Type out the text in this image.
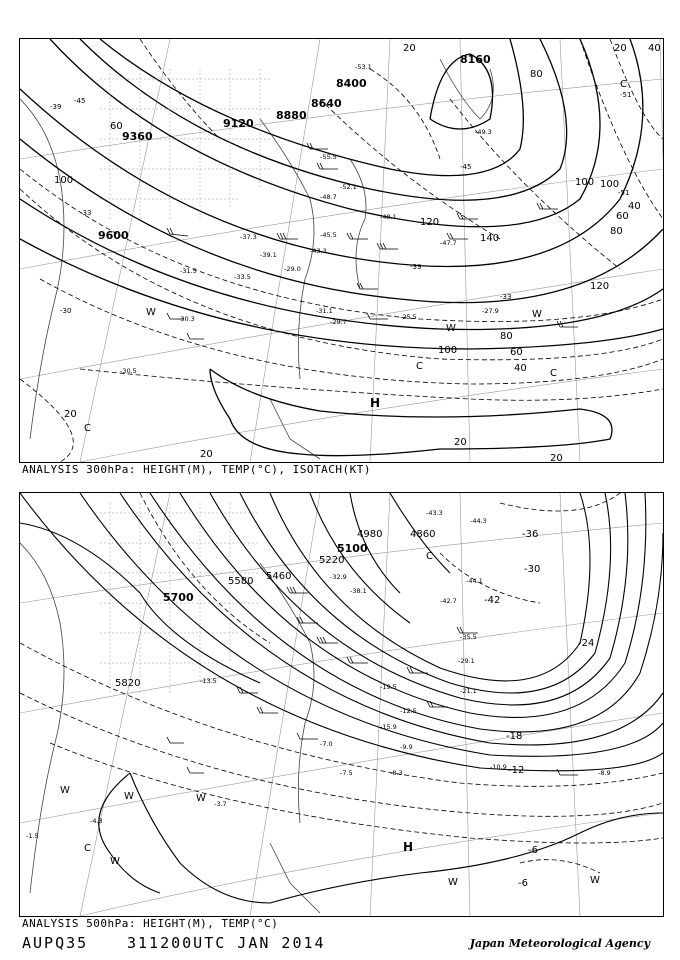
8160
8400
8640
8880
9120
9360
9600
20	40
60
80
100
120
140
100
80
60
40
20
120
100
80
60
40
20
20
20
20
100
-39
-45
-51
-33
-51
-45
-39
-33
-30
-53.1
-55.5
-49.3
-52.1
-48.7
-45.5
-47.7
-37.3
-39.1
-33.5
-27.9
-31.1
-29.7
-30.3
-30.5
-31.5	-29.0
-25.5
-43.3
-48.1
H
C
C
W
W
W
C
C
ANALYSIS 300hPa: HEIGHT(M), TEMP(°C), ISOTACH(KT)
4860
4980
5100
5220
5460
5580
5700
5820
-42
-36
-30
-24
-18
-12
-6
-6
-43.3
-44.3
-44.1
-42.7
-38.1
-35.5
-32.9
-29.1
-21.1
-19.5
-15.9
-13.5
-12.5
-10.9
-9.9
-8.9
-8.3
-7.5
-7.0
-4.3
-3.7
-1.5
H
C
C
W
W
W
W
W	W
ANALYSIS 500hPa: HEIGHT(M), TEMP(°C)
AUPQ35	311200UTC JAN 2014	Japan Meteorological Agency
